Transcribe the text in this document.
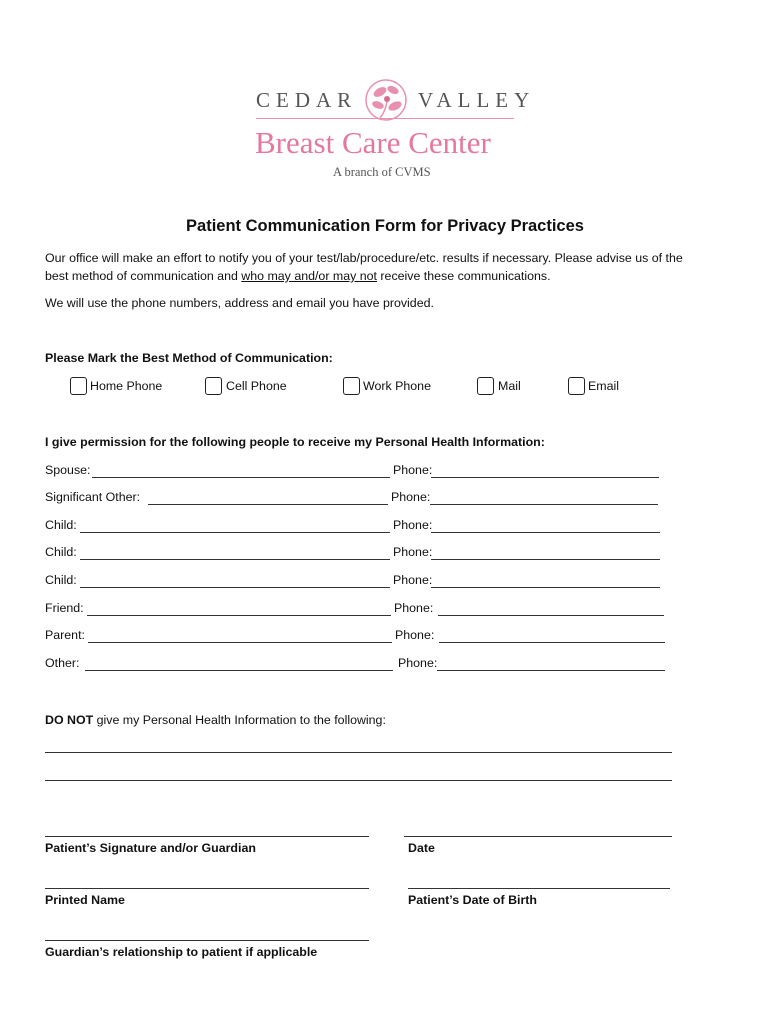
CEDAR	VALLEY
Breast Care Center
A branch of CVMS
Patient Communication Form for Privacy Practices
Our office will make an effort to notify you of your test/lab/procedure/etc. results if necessary. Please advise us of the
best method of communication and who may and/or may not receive these communications.
We will use the phone numbers, address and email you have provided.
Please Mark the Best Method of Communication:
Home Phone	Cell Phone	Work Phone	Mail	Email
I give permission for the following people to receive my Personal Health Information:
Spouse:	Phone:
Significant Other:	Phone:
Child:	Phone:
Child:	Phone:
Child:	Phone:
Friend:	Phone:
Parent:	Phone:
Other:	Phone:
DO NOT give my Personal Health Information to the following:
Patient’s Signature and/or Guardian	Date
Printed Name	Patient’s Date of Birth
Guardian’s relationship to patient if applicable
